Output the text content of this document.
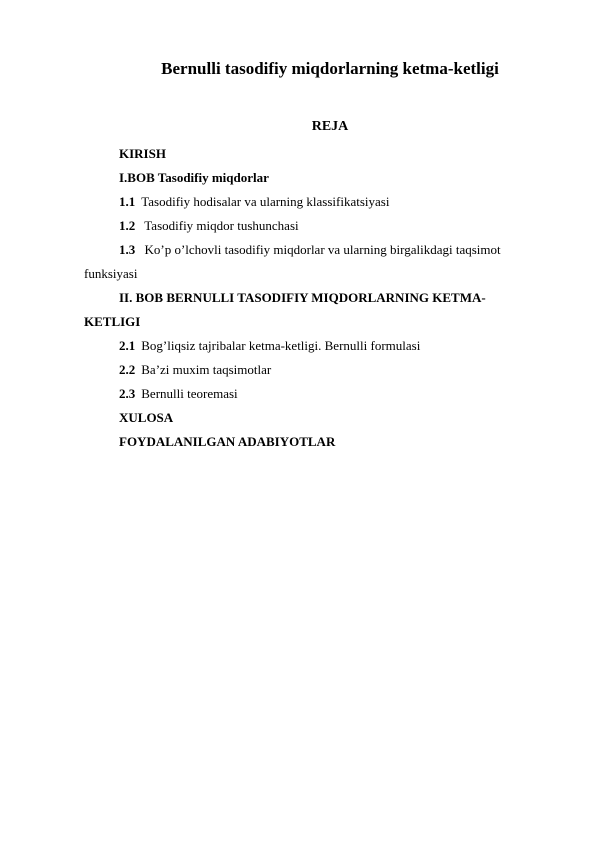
Bernulli tasodifiy miqdorlarning ketma-ketligi
REJA
KIRISH
I.BOB Tasodifiy miqdorlar
1.1 Tasodifiy hodisalar va ularning klassifikatsiyasi
1.2 Tasodifiy miqdor tushunchasi
1.3 Ko’p o’lchovli tasodifiy miqdorlar va ularning birgalikdagi taqsimot
funksiyasi
II. BOB BERNULLI TASODIFIY MIQDORLARNING KETMA-
KETLIGI
2.1 Bog’liqsiz tajribalar ketma-ketligi. Bernulli formulasi
2.2 Ba’zi muxim taqsimotlar
2.3 Bernulli teoremasi
XULOSA
FOYDALANILGAN ADABIYOTLAR
